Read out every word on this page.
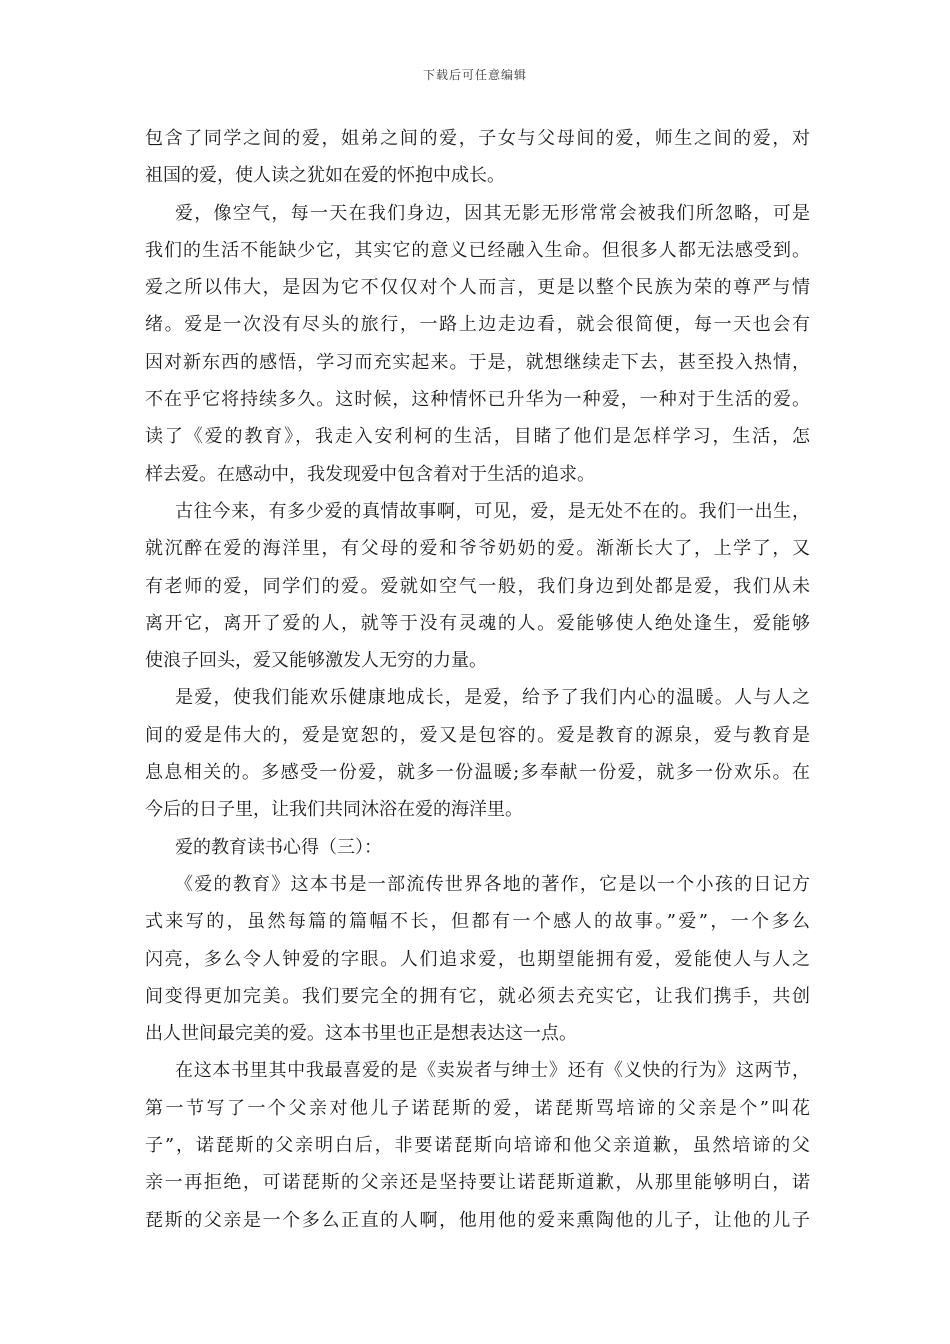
下载后可任意编辑
包含了同学之间的爱，姐弟之间的爱，子女与父母间的爱，师生之间的爱，对
祖国的爱，使人读之犹如在爱的怀抱中成长。
爱，像空气，每一天在我们身边，因其无影无形常常会被我们所忽略，可是
我们的生活不能缺少它，其实它的意义已经融入生命。但很多人都无法感受到。
爱之所以伟大，是因为它不仅仅对个人而言，更是以整个民族为荣的尊严与情
绪。爱是一次没有尽头的旅行，一路上边走边看，就会很简便，每一天也会有
因对新东西的感悟，学习而充实起来。于是，就想继续走下去，甚至投入热情，
不在乎它将持续多久。这时候，这种情怀已升华为一种爱，一种对于生活的爱。
读了《爱的教育》，我走入安利柯的生活，目睹了他们是怎样学习，生活，怎
样去爱。在感动中，我发现爱中包含着对于生活的追求。
古往今来，有多少爱的真情故事啊，可见，爱，是无处不在的。我们一出生，
就沉醉在爱的海洋里，有父母的爱和爷爷奶奶的爱。渐渐长大了，上学了，又
有老师的爱，同学们的爱。爱就如空气一般，我们身边到处都是爱，我们从未
离开它，离开了爱的人，就等于没有灵魂的人。爱能够使人绝处逢生，爱能够
使浪子回头，爱又能够激发人无穷的力量。
是爱，使我们能欢乐健康地成长，是爱，给予了我们内心的温暖。人与人之
间的爱是伟大的，爱是宽恕的，爱又是包容的。爱是教育的源泉，爱与教育是
息息相关的。多感受一份爱，就多一份温暖;多奉献一份爱，就多一份欢乐。在
今后的日子里，让我们共同沐浴在爱的海洋里。
爱的教育读书心得（三）：
《爱的教育》这本书是一部流传世界各地的著作，它是以一个小孩的日记方
式来写的，虽然每篇的篇幅不长，但都有一个感人的故事。”爱”，一个多么
闪亮，多么令人钟爱的字眼。人们追求爱，也期望能拥有爱，爱能使人与人之
间变得更加完美。我们要完全的拥有它，就必须去充实它，让我们携手，共创
出人世间最完美的爱。这本书里也正是想表达这一点。
在这本书里其中我最喜爱的是《卖炭者与绅士》还有《义快的行为》这两节，
第一节写了一个父亲对他儿子诺琵斯的爱，诺琵斯骂培谛的父亲是个”叫花
子”，诺琵斯的父亲明白后，非要诺琵斯向培谛和他父亲道歉，虽然培谛的父
亲一再拒绝，可诺琵斯的父亲还是坚持要让诺琵斯道歉，从那里能够明白，诺
琵斯的父亲是一个多么正直的人啊，他用他的爱来熏陶他的儿子，让他的儿子
